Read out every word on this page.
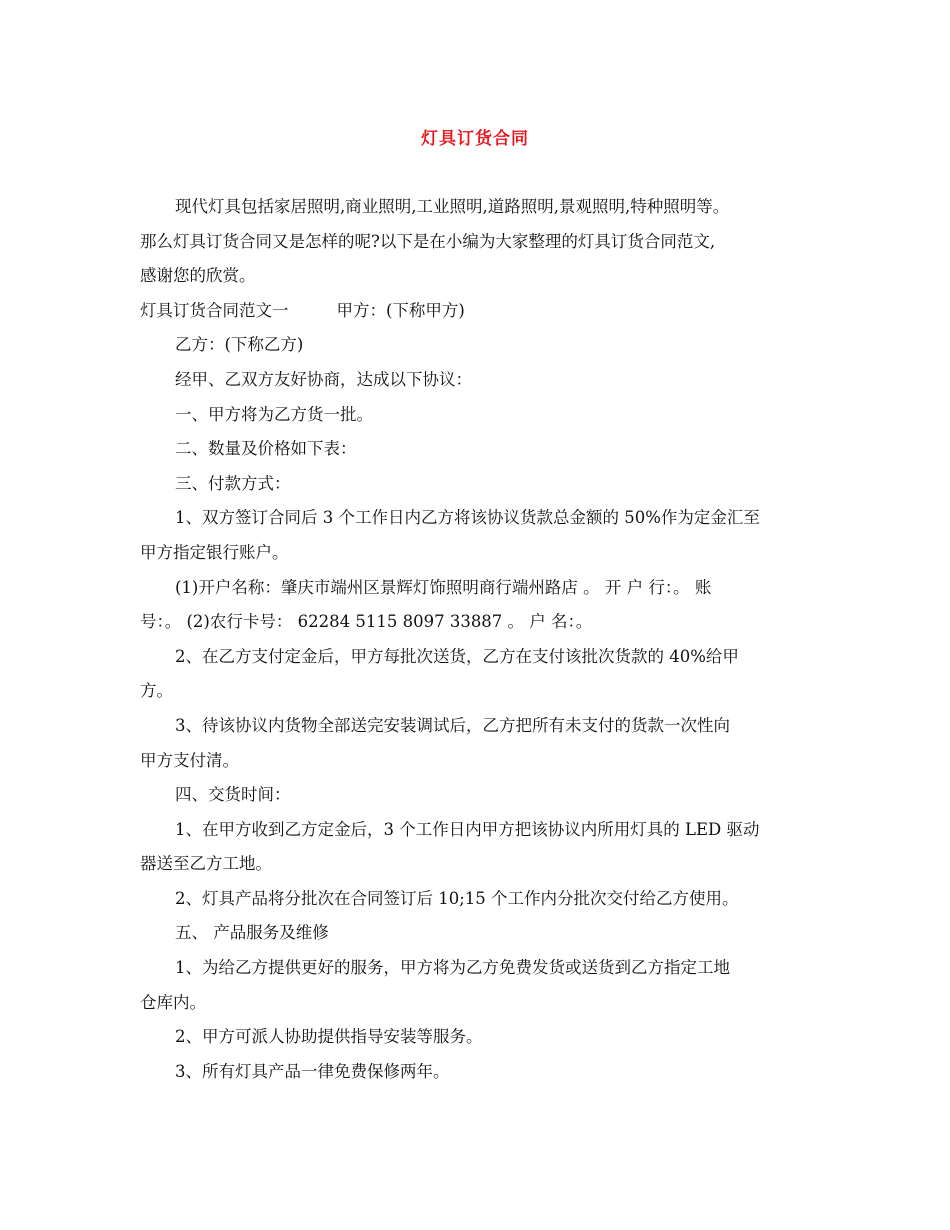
灯具订货合同
现代灯具包括家居照明,商业照明,工业照明,道路照明,景观照明,特种照明等。
那么灯具订货合同又是怎样的呢?以下是在小编为大家整理的灯具订货合同范文,
感谢您的欣赏。
灯具订货合同范文一	甲方：(下称甲方)
乙方：(下称乙方)
经甲、乙双方友好协商，达成以下协议：
一、甲方将为乙方货一批。
二、数量及价格如下表：
三、付款方式：
1、双方签订合同后 3 个工作日内乙方将该协议货款总金额的 50%作为定金汇至
甲方指定银行账户。
(1)开户名称：肇庆市端州区景辉灯饰照明商行端州路店 。 开 户 行：。 账
号：。 (2)农行卡号： 62284 5115 8097 33887 。 户 名：。
2、在乙方支付定金后，甲方每批次送货，乙方在支付该批次货款的 40%给甲
方。
3、待该协议内货物全部送完安装调试后，乙方把所有未支付的货款一次性向
甲方支付清。
四、交货时间：
1、在甲方收到乙方定金后，3 个工作日内甲方把该协议内所用灯具的 LED 驱动
器送至乙方工地。
2、灯具产品将分批次在合同签订后 10;15 个工作内分批次交付给乙方使用。
五、 产品服务及维修
1、为给乙方提供更好的服务，甲方将为乙方免费发货或送货到乙方指定工地
仓库内。
2、甲方可派人协助提供指导安装等服务。
3、所有灯具产品一律免费保修两年。
